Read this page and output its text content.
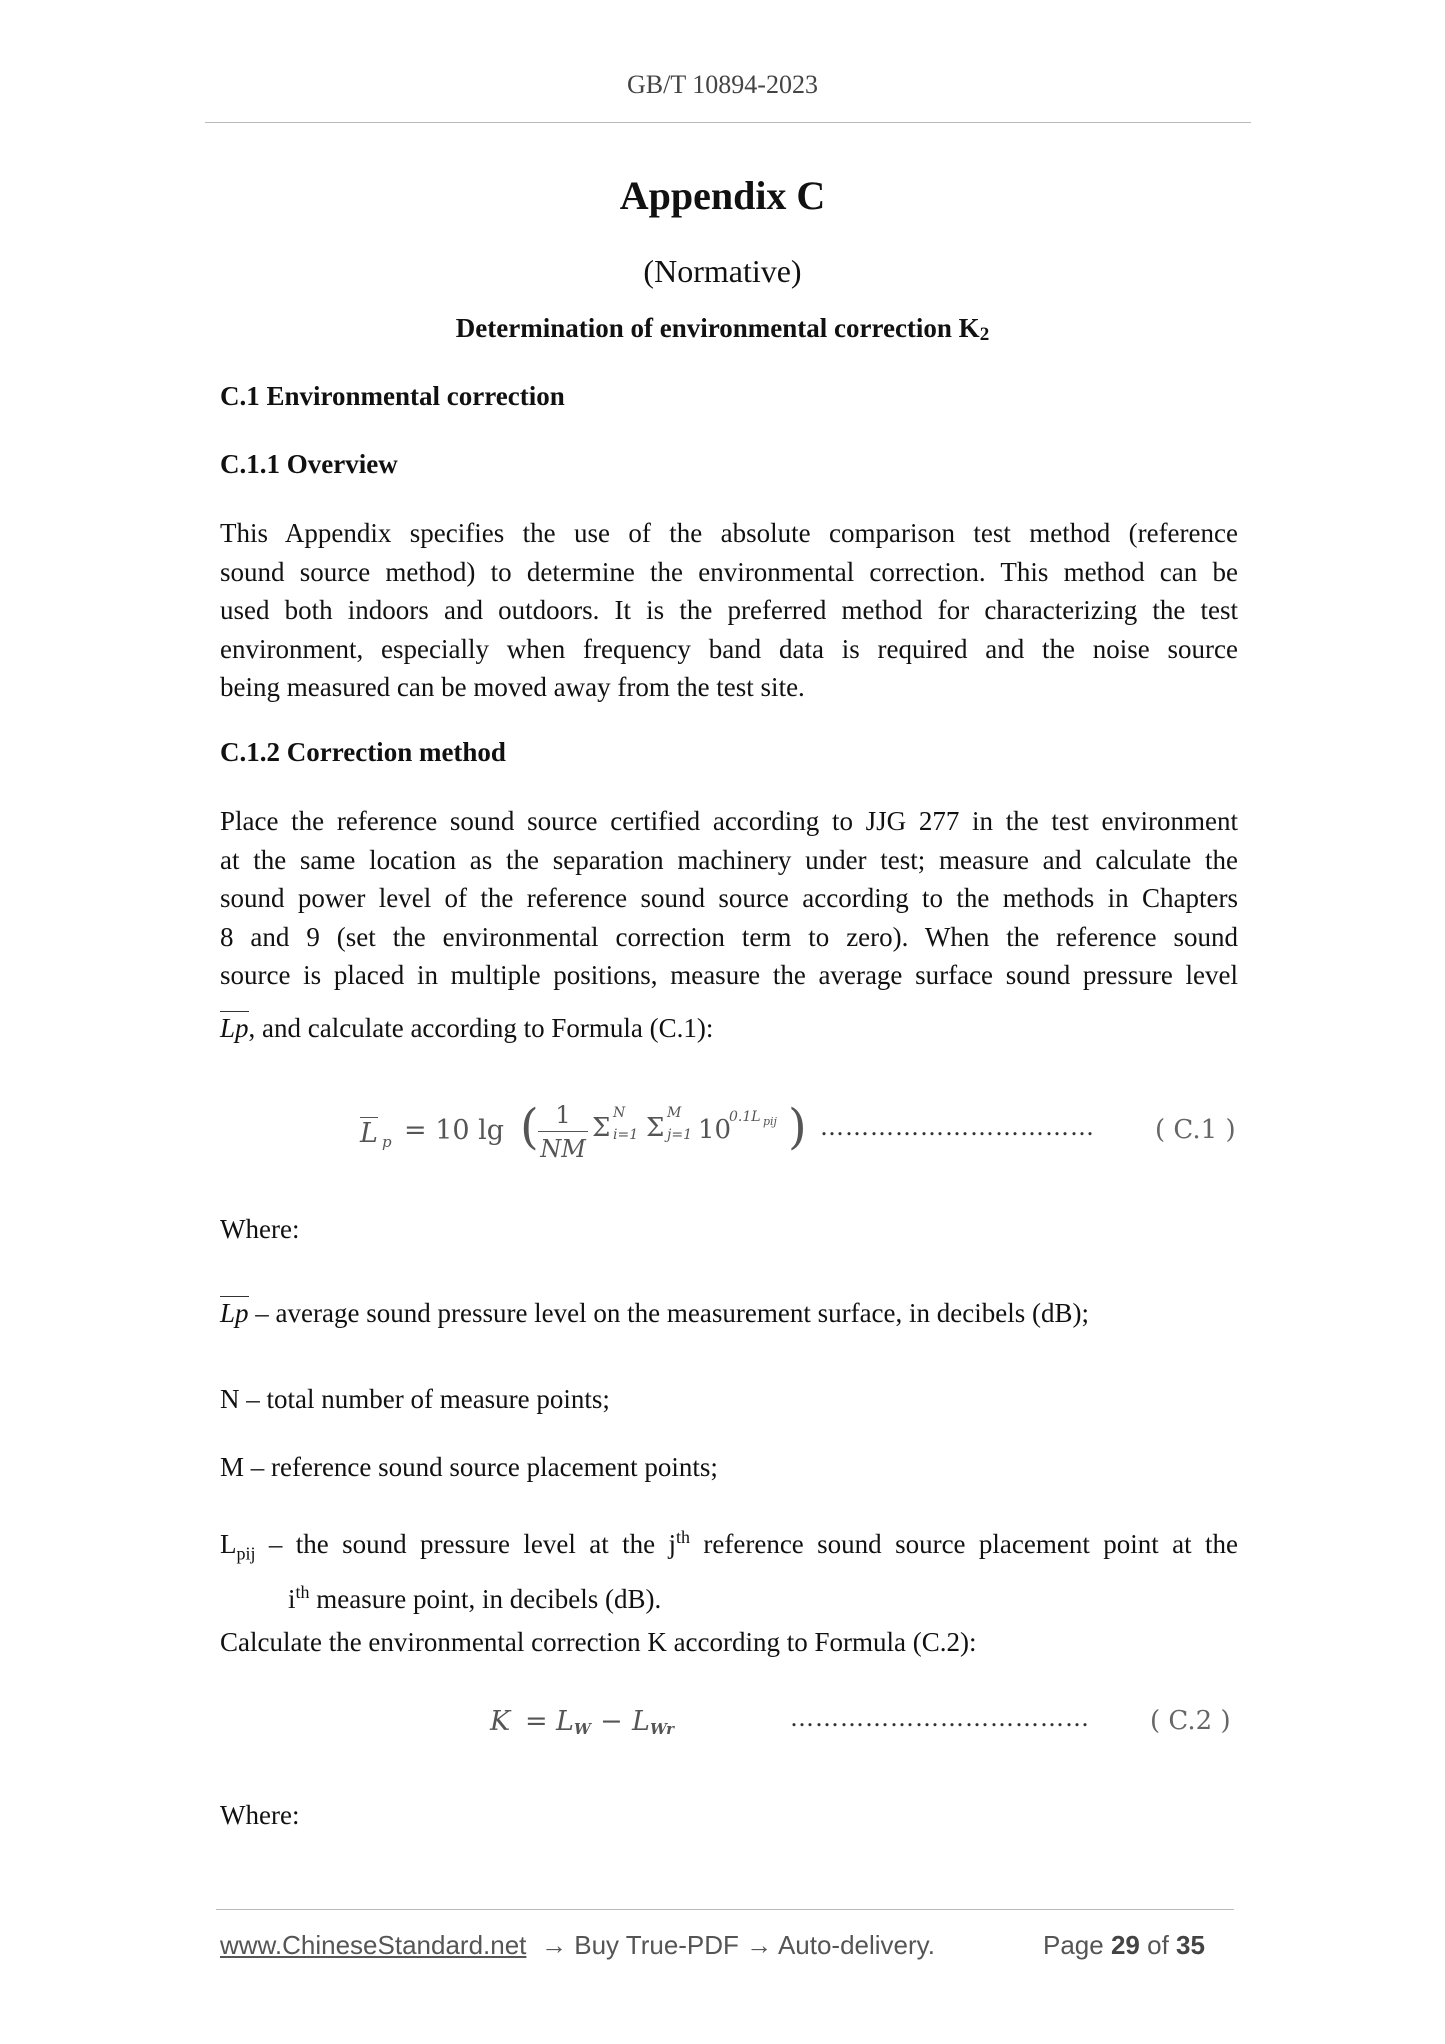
GB/T 10894-2023
Appendix C
(Normative)
Determination of environmental correction $K_2$
C.1 Environmental correction
C.1.1 Overview
This Appendix specifies the use of the absolute comparison test method (reference
sound source method) to determine the environmental correction. This method can be
used both indoors and outdoors. It is the preferred method for characterizing the test
environment, especially when frequency band data is required and the noise source
being measured can be moved away from the test site.
C.1.2 Correction method
Place the reference sound source certified according to JJG 277 in the test environment
at the same location as the separation machinery under test; measure and calculate the
sound power level of the reference sound source according to the methods in Chapters
8 and 9 (set the environmental correction term to zero). When the reference sound
source is placed in multiple positions, measure the average surface sound pressure level
Lp, and calculate according to Formula (C.1):
L p = 10 lg ( 1
NM
Σ N
i=1 Σ M
j=1 10
0.1L pij ) …………………………… ( C.1 )
Where:
Lp – average sound pressure level on the measurement surface, in decibels (dB);
N – total number of measure points;
M – reference sound source placement points;
$L_{pij}$ – the sound pressure level at the $j^{th}$ reference sound source placement point at the
$i^{th}$ measure point, in decibels (dB).
Calculate the environmental correction K according to Formula (C.2):
K = L W − L Wr	……………………………… ( C.2 )
Where:
www.ChineseStandard.net → Buy True-PDF → Auto-delivery.	Page 29 of 35
